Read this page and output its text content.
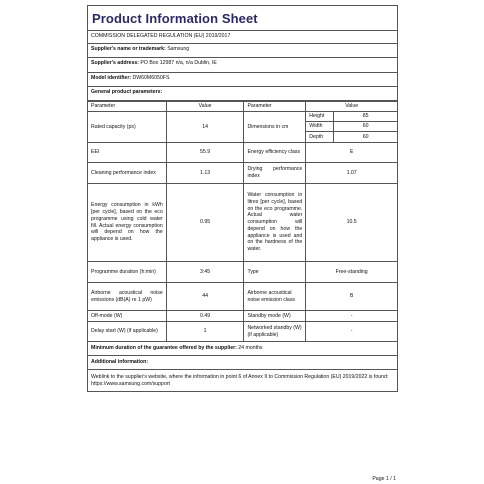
Product Information Sheet
COMMISSION DELEGATED REGULATION (EU) 2019/2017
Supplier's name or trademark: Samsung
Supplier's address: PO Box 12987 n/a, n/a Dublin, IE
Model identifier: DW60M6050FS
General product parameters:
Parameter	Value	Parameter	Value	
Rated capacity (ps)	14	Dimensions in cm	Height	85
			Width	60
			Depth	60
EEI	55.9	Energy efficiency class	E	
Cleaning performance index	1.13	Drying performance index	1.07	
Energy consumption in kWh [per cycle], based on the eco programme using cold water fill. Actual energy consumption will depend on how the appliance is used.	0.95	Water consumption in litres [per cycle], based on the eco programme. Actual water consumption will depend on how the appliance is used and on the hardness of the water.	10.5	
Programme duration (h:min)	3:45	Type	Free-standing	
Airborne acoustical noise emissions (dB(A) re 1 pW)	44	Airborne acoustical noise emission class	B	
Off-mode (W)	0.49	Standby mode (W)	-	
Delay start (W) (if applicable)	1	Networked standby (W) (if applicable)	-	
Minimum duration of the guarantee offered by the supplier: 24 months				
Additional information:				
Weblink to the supplier's website, where the information in point 6 of Annex II to Commission Regulation (EU) 2019/2022 is found: https://www.samsung.com/support				
Page 1 / 1
